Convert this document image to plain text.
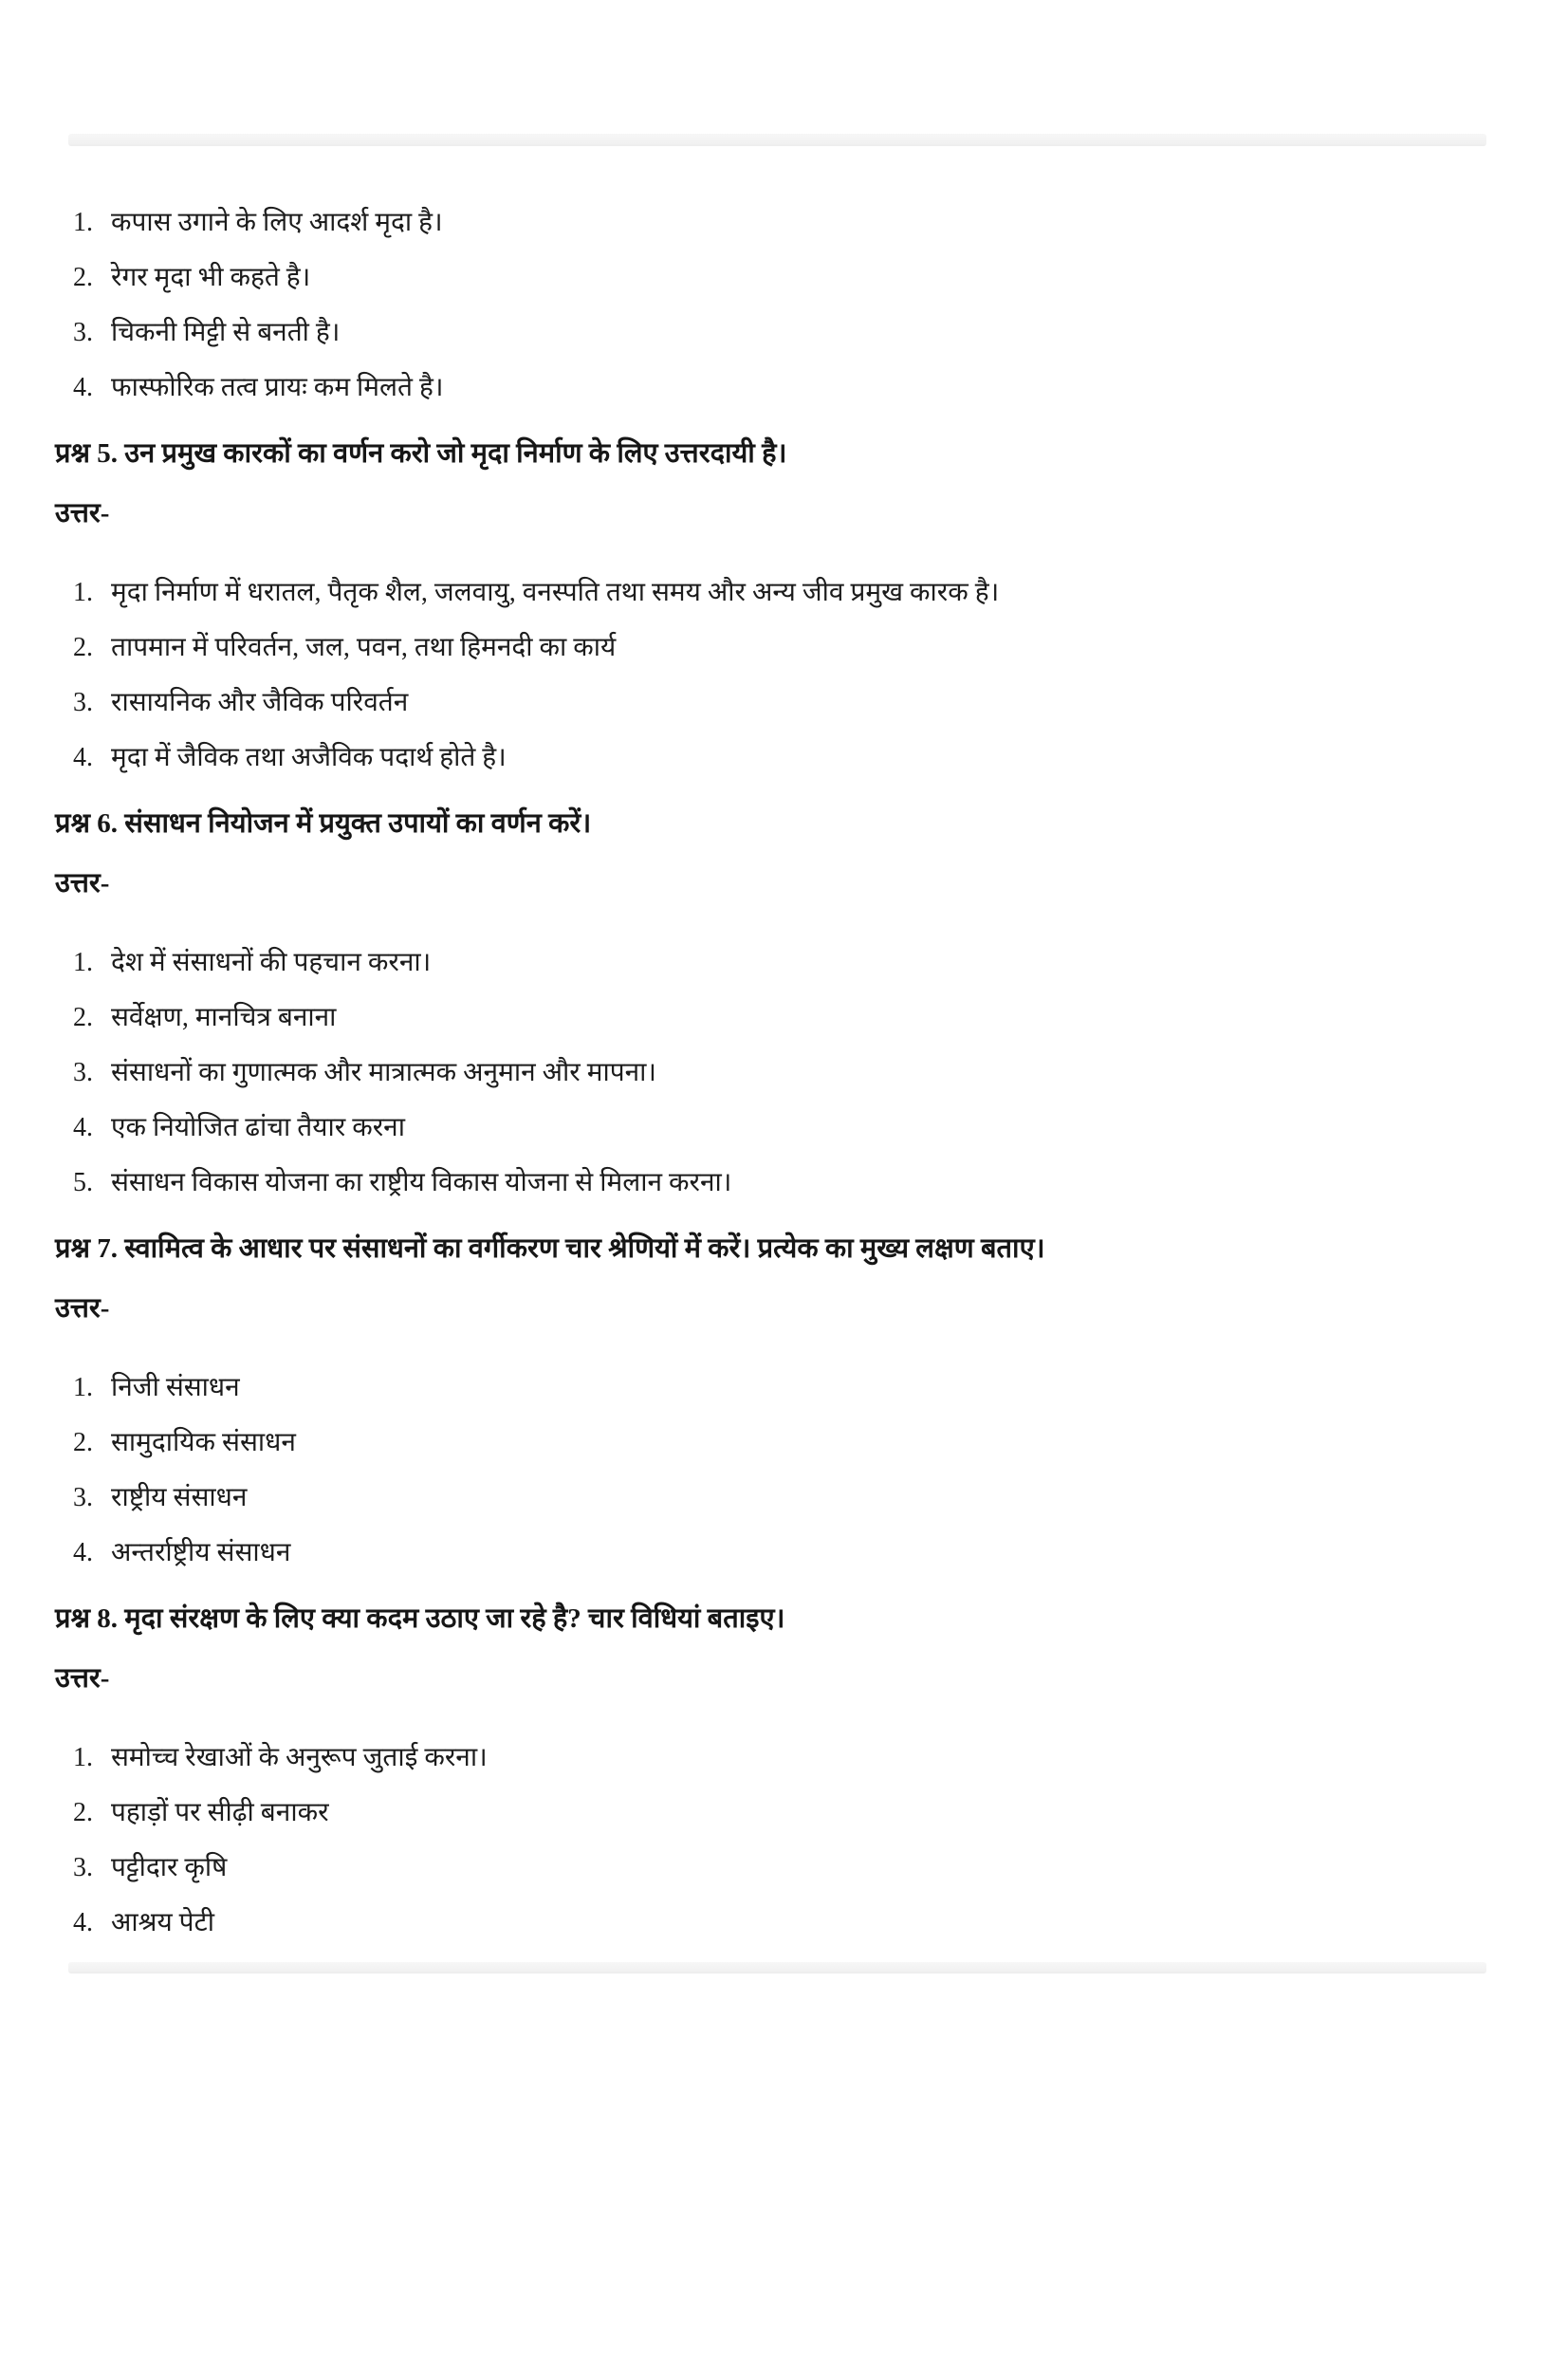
1. कपास उगाने के लिए आदर्श मृदा है।
2. रेगर मृदा भी कहते है।
3. चिकनी मिट्टी से बनती है।
4. फास्फोरिक तत्व प्रायः कम मिलते है।
प्रश्न 5. उन प्रमुख कारकों का वर्णन करो जो मृदा निर्माण के लिए उत्तरदायी है।

उत्तर-

1. मृदा निर्माण में धरातल, पैतृक शैल, जलवायु, वनस्पति तथा समय और अन्य जीव प्रमुख कारक है।
2. तापमान में परिवर्तन, जल, पवन, तथा हिमनदी का कार्य
3. रासायनिक और जैविक परिवर्तन
4. मृदा में जैविक तथा अजैविक पदार्थ होते है।
प्रश्न 6. संसाधन नियोजन में प्रयुक्त उपायों का वर्णन करें।

उत्तर-

1. देश में संसाधनों की पहचान करना।
2. सर्वेक्षण, मानचित्र बनाना
3. संसाधनों का गुणात्मक और मात्रात्मक अनुमान और मापना।
4. एक नियोजित ढांचा तैयार करना
5. संसाधन विकास योजना का राष्ट्रीय विकास योजना से मिलान करना।
प्रश्न 7. स्वामित्व के आधार पर संसाधनों का वर्गीकरण चार श्रेणियों में करें। प्रत्येक का मुख्य लक्षण बताए।

उत्तर-

1. निजी संसाधन
2. सामुदायिक संसाधन
3. राष्ट्रीय संसाधन
4. अन्तर्राष्ट्रीय संसाधन
प्रश्न 8. मृदा संरक्षण के लिए क्या कदम उठाए जा रहे है? चार विधियां बताइए।

उत्तर-

1. समोच्च रेखाओं के अनुरूप जुताई करना।
2. पहाड़ों पर सीढ़ी बनाकर
3. पट्टीदार कृषि
4. आश्रय पेटी
